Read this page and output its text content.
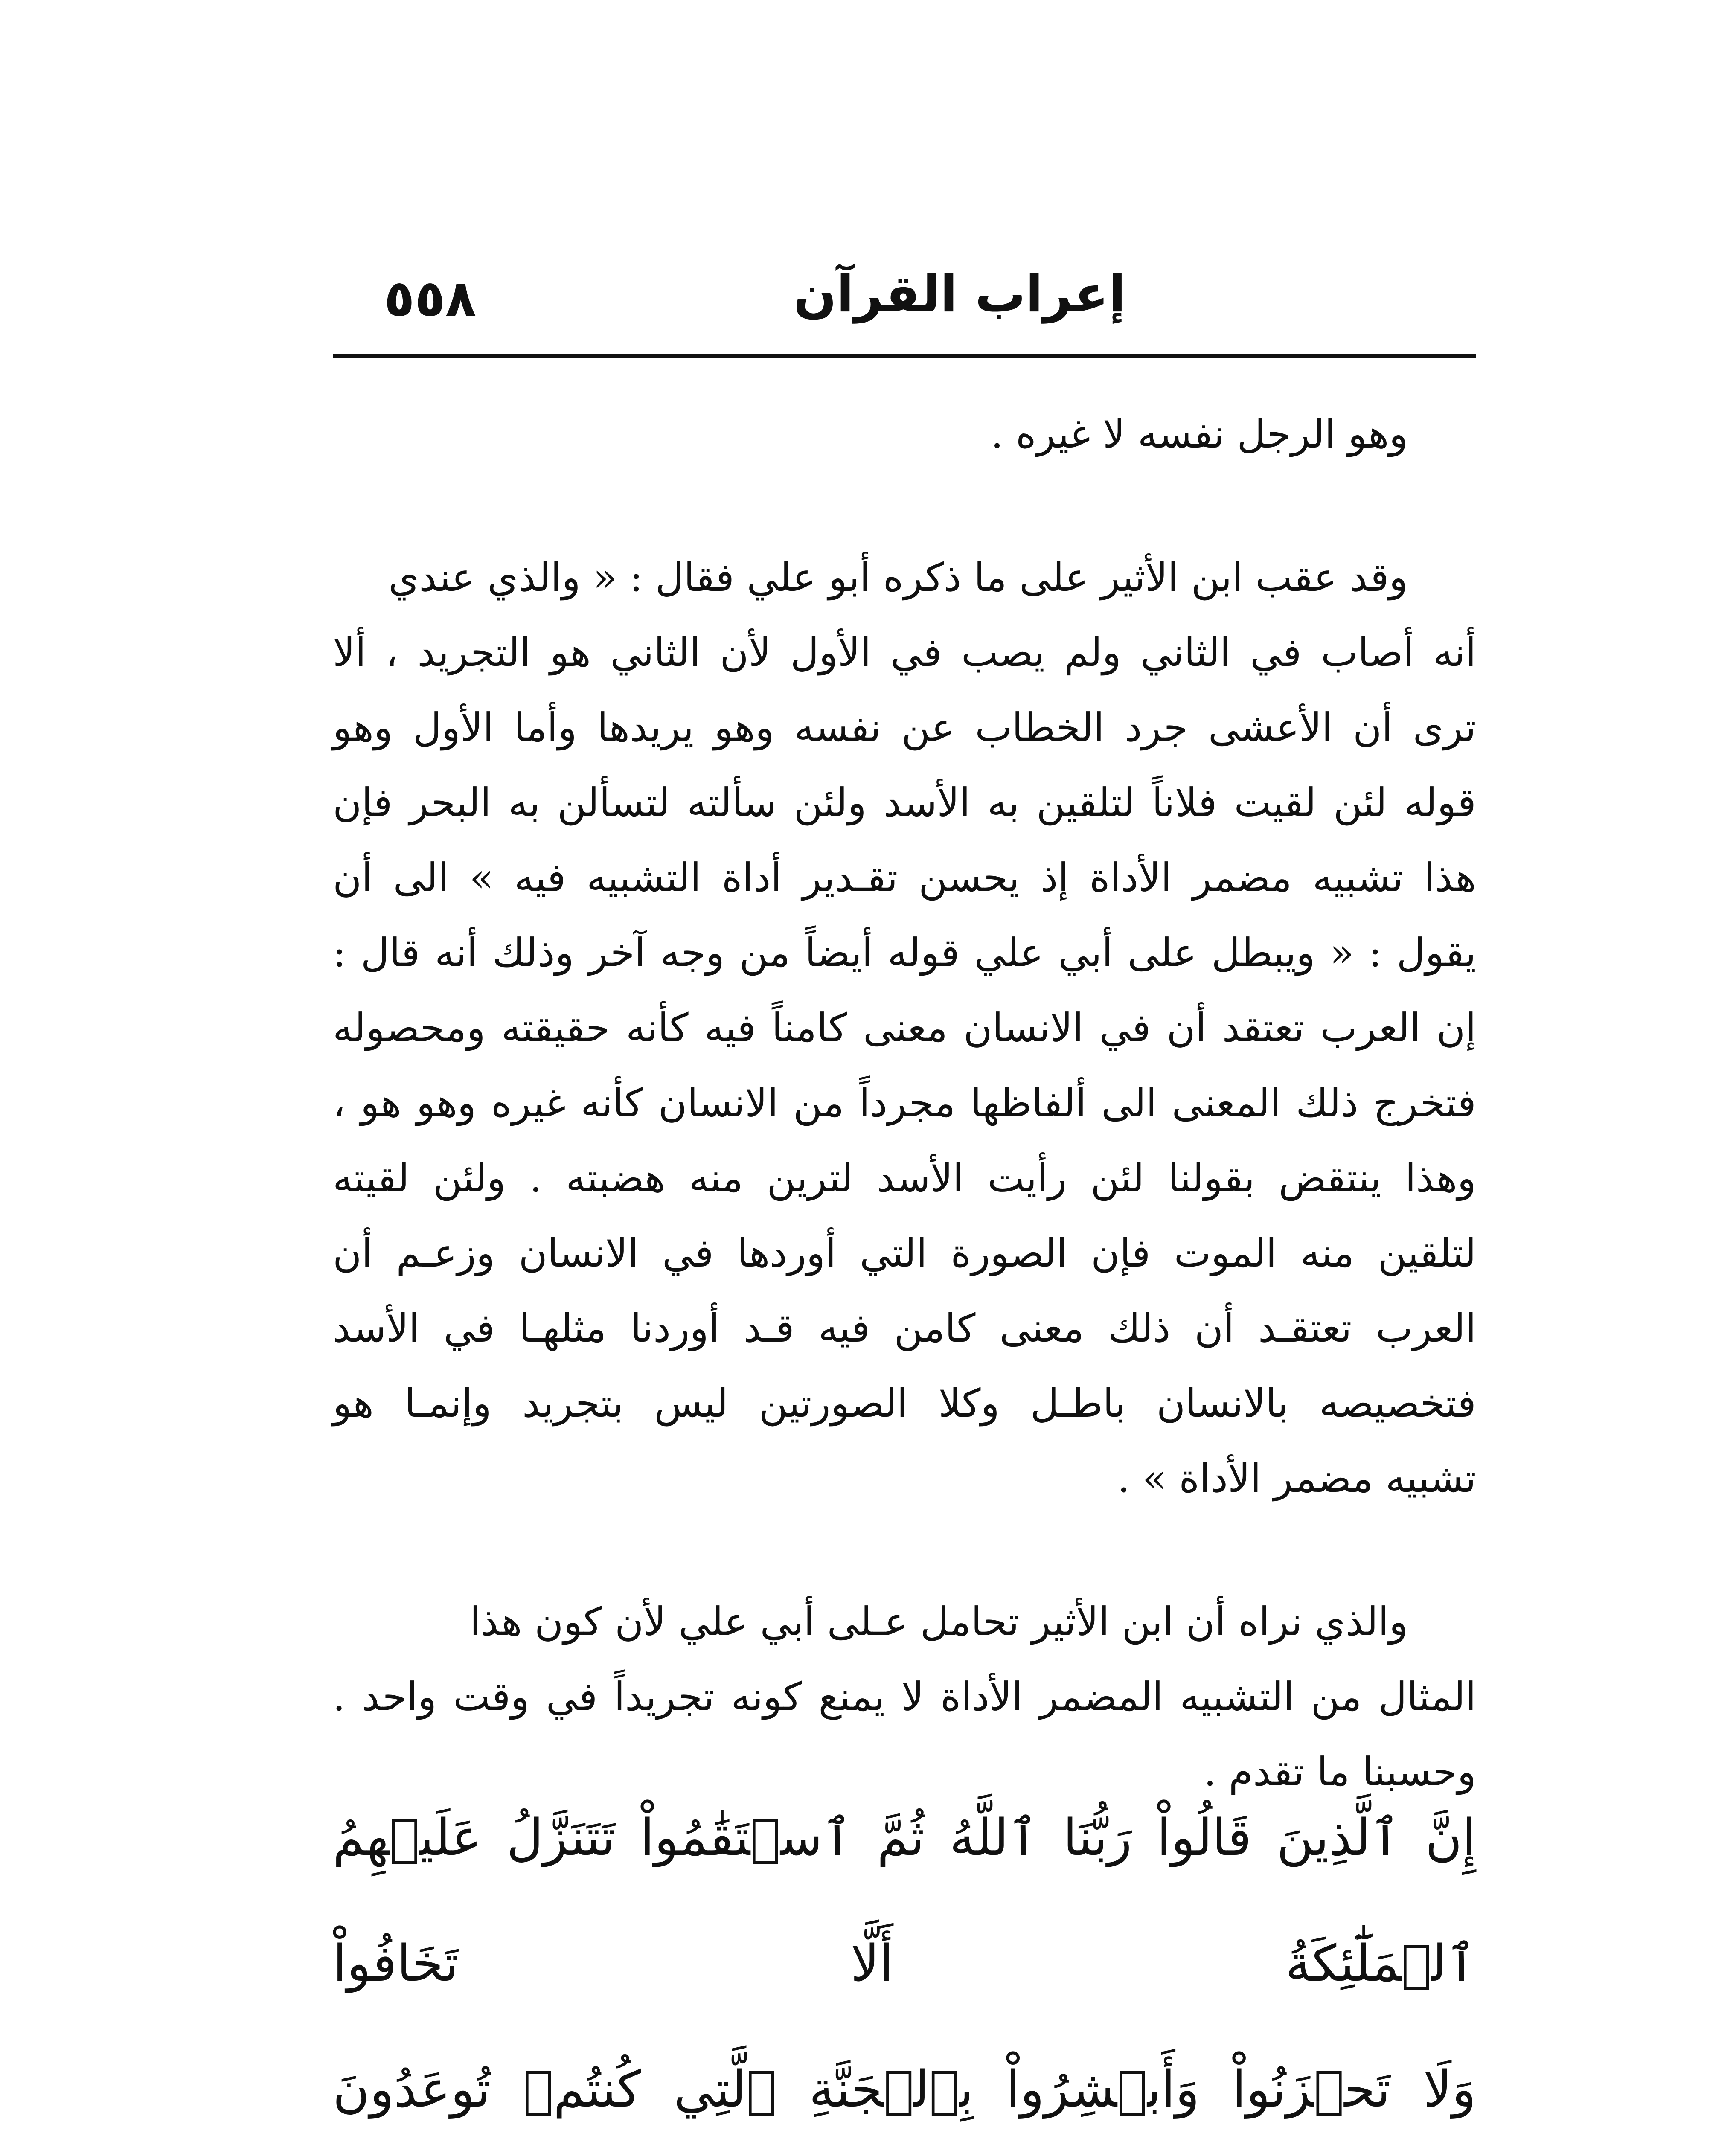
٥٥٨	إعراب القرآن

وهو الرجل نفسه لا غيره .

وقد عقب ابن الأثير على ما ذكره أبو علي فقال : « والذي عندي
أنه أصاب في الثاني ولم يصب في الأول لأن الثاني هو التجريد ، ألا
ترى أن الأعشى جرد الخطاب عن نفسه وهو يريدها وأما الأول وهو
قوله لئن لقيت فلاناً لتلقين به الأسد ولئن سألته لتسألن به البحر فإن
هذا تشبيه مضمر الأداة إذ يحسن تقـدير أداة التشبيه فيه » الى أن
يقول : « ويبطل على أبي علي قوله أيضاً من وجه آخر وذلك أنه قال :
إن العرب تعتقد أن في الانسان معنى كامناً فيه كأنه حقيقته ومحصوله
فتخرج ذلك المعنى الى ألفاظها مجرداً من الانسان كأنه غيره وهو هو ،
وهذا ينتقض بقولنا لئن رأيت الأسد لترين منه هضبته . ولئن لقيته
لتلقين منه الموت فإن الصورة التي أوردها في الانسان وزعـم أن
العرب تعتقـد أن ذلك معنى كامن فيه قـد أوردنا مثلهـا في الأسد
فتخصيصه بالانسان باطـل وكلا الصورتين ليس بتجريد وإنمـا هو
تشبيه مضمر الأداة » .

والذي نراه أن ابن الأثير تحامل عـلى أبي علي لأن كون هذا
المثال من التشبيه المضمر الأداة لا يمنع كونه تجريداً في وقت واحد .
وحسبنا ما تقدم .

إِنَّ ٱلَّذِينَ قَالُواْ رَبُّنَا ٱللَّهُ ثُمَّ ٱسۡتَقَٰمُواْ تَتَنَزَّلُ عَلَيۡهِمُ ٱلۡمَلَٰٓئِكَةُ أَلَّا تَخَافُواْ
وَلَا تَحۡزَنُواْ وَأَبۡشِرُواْ بِٱلۡجَنَّةِ ٱلَّتِي كُنتُمۡ تُوعَدُونَ
